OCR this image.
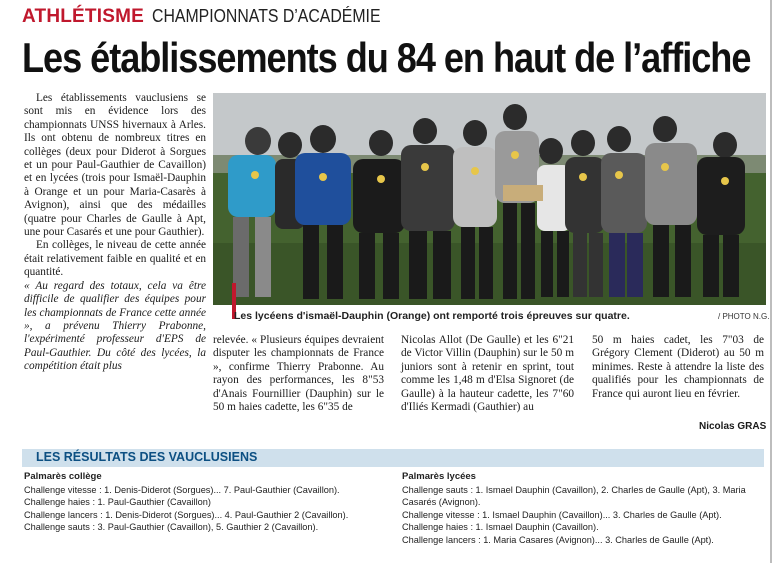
ATHLÉTISME CHAMPIONNATS D’ACADÉMIE
Les établissements du 84 en haut de l’affiche

Les établissements vauclusiens se sont mis en évidence lors des championnats UNSS hivernaux à Arles. Ils ont obtenu de nombreux titres en collèges (deux pour Diderot à Sorgues et un pour Paul-Gauthier de Cavaillon) et en lycées (trois pour Ismaël-Dauphin à Orange et un pour Maria-Casarès à Avignon), ainsi que des médailles (quatre pour Charles de Gaulle à Apt, une pour Casarés et une pour Gauthier).

En collèges, le niveau de cette année était relativement faible en qualité et en quantité.

« Au regard des totaux, cela va être difficile de qualifier des équipes pour les championnats de France cette année », a prévenu Thierry Prabonne, l'expérimenté professeur d'EPS de Paul-Gauthier. Du côté des lycées, la compétition était plus

Les lycéens d'ismaël-Dauphin (Orange) ont remporté trois épreuves sur quatre.	/ PHOTO N.G.

relevée. « Plusieurs équipes devraient disputer les championnats de France », confirme Thierry Prabonne. Au rayon des performances, les 8"53 d'Anais Fournillier (Dauphin) sur le 50 m haies cadette, les 6"35 de

Nicolas Allot (De Gaulle) et les 6"21 de Victor Villin (Dauphin) sur le 50 m juniors sont à retenir en sprint, tout comme les 1,48 m d'Elsa Signoret (de Gaulle) à la hauteur cadette, les 7"60 d'Iliés Kermadi (Gauthier) au

50 m haies cadet, les 7"03 de Grégory Clement (Diderot) au 50 m minimes. Reste à attendre la liste des qualifiés pour les championnats de France qui auront lieu en février.

Nicolas GRAS
LES RÉSULTATS DES VAUCLUSIENS
Palmarès collège
Challenge vitesse : 1. Denis-Diderot (Sorgues)... 7. Paul-Gauthier (Cavaillon).
Challenge haies : 1. Paul-Gauthier (Cavaillon)
Challenge lancers : 1. Denis-Diderot (Sorgues)... 4. Paul-Gauthier 2 (Cavaillon).
Challenge sauts : 3. Paul-Gauthier (Cavaillon), 5. Gauthier 2 (Cavaillon).
Palmarès lycées
Challenge sauts : 1. Ismael Dauphin (Cavaillon), 2. Charles de Gaulle (Apt), 3. Maria Casarés (Avignon).
Challenge vitesse : 1. Ismael Dauphin (Cavaillon)... 3. Charles de Gaulle (Apt).
Challenge haies : 1. Ismael Dauphin (Cavaillon).
Challenge lancers : 1. Maria Casares (Avignon)... 3. Charles de Gaulle (Apt).
